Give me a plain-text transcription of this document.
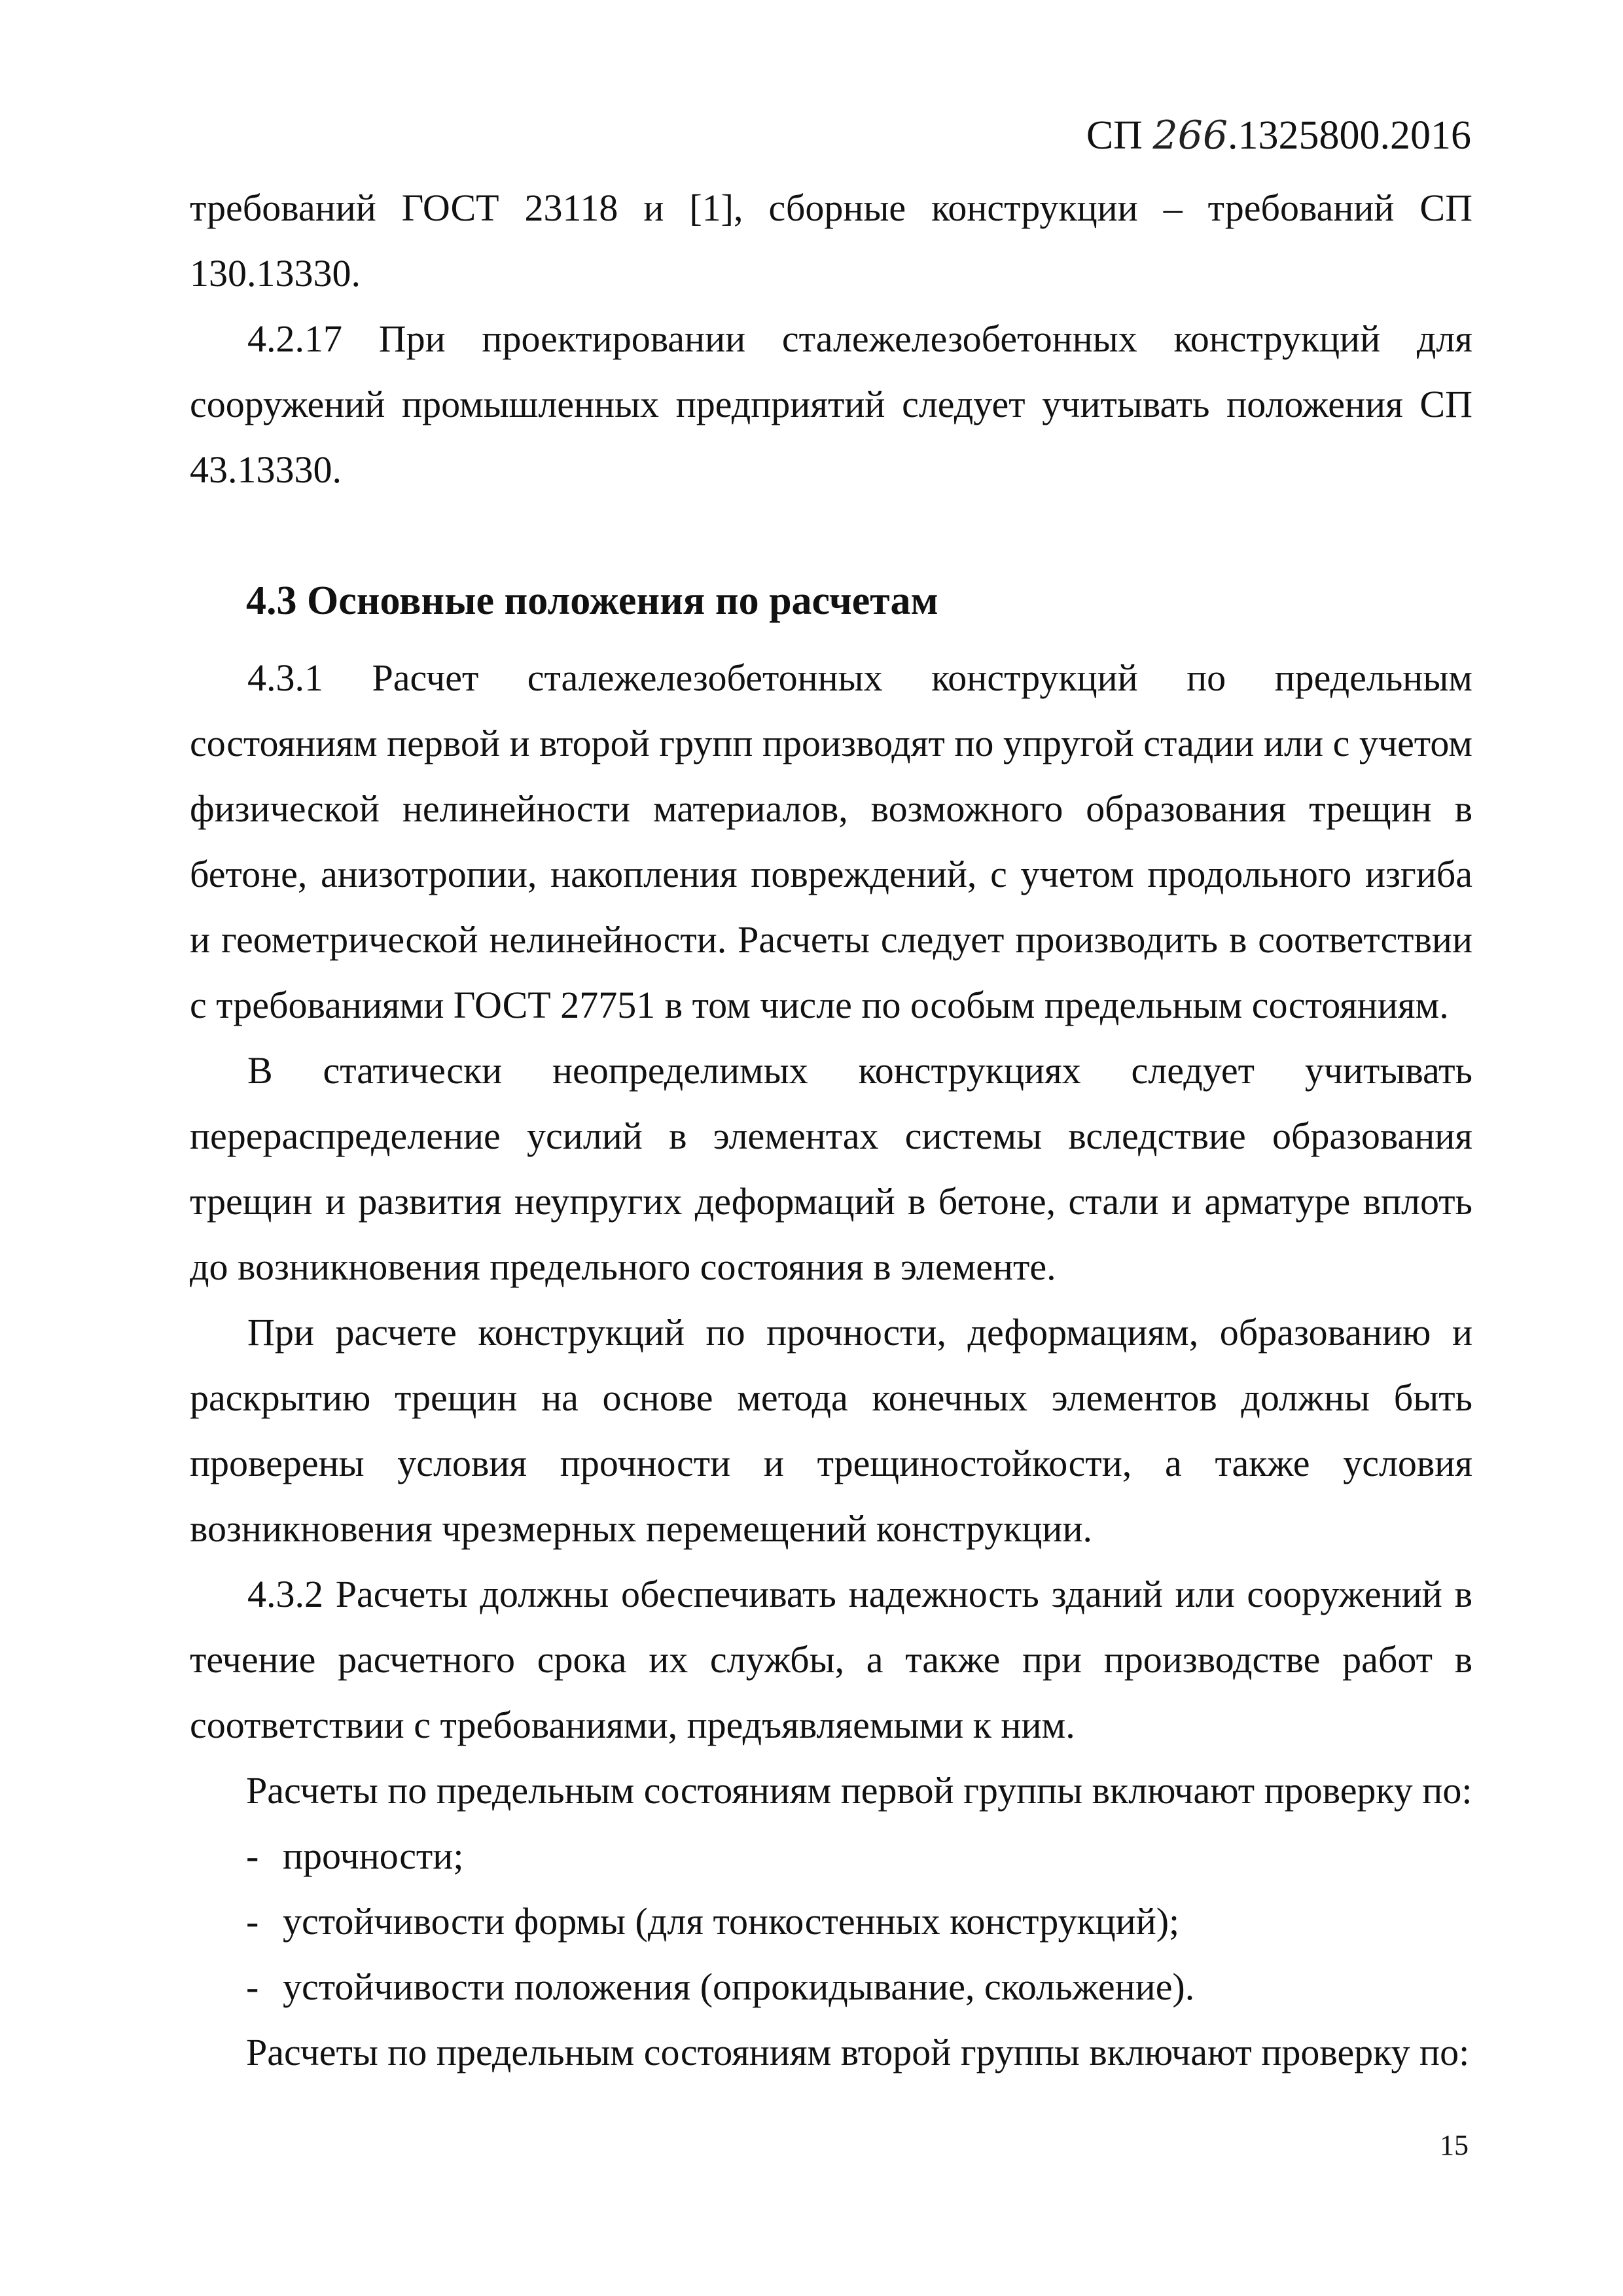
СП 266.1325800.2016

требований ГОСТ 23118 и [1], сборные конструкции – требований СП 130.13330.

4.2.17 При проектировании сталежелезобетонных конструкций для сооружений промышленных предприятий следует учитывать положения СП 43.13330.

4.3 Основные положения по расчетам

4.3.1 Расчет сталежелезобетонных конструкций по предельным состояниям первой и второй групп производят по упругой стадии или с учетом физической нелинейности материалов, возможного образования трещин в бетоне, анизотропии, накопления повреждений, с учетом продольного изгиба и геометрической нелинейности. Расчеты следует производить в соответствии с требованиями ГОСТ 27751 в том числе по особым предельным состояниям.

В статически неопределимых конструкциях следует учитывать перераспределение усилий в элементах системы вследствие образования трещин и развития неупругих деформаций в бетоне, стали и арматуре вплоть до возникновения предельного состояния в элементе.

При расчете конструкций по прочности, деформациям, образованию и раскрытию трещин на основе метода конечных элементов должны быть проверены условия прочности и трещиностойкости, а также условия возникновения чрезмерных перемещений конструкции.

4.3.2 Расчеты должны обеспечивать надежность зданий или сооружений в течение расчетного срока их службы, а также при производстве работ в соответствии с требованиями, предъявляемыми к ним.

Расчеты по предельным состояниям первой группы включают проверку по:

- прочности;

- устойчивости формы (для тонкостенных конструкций);

- устойчивости положения (опрокидывание, скольжение).

Расчеты по предельным состояниям второй группы включают проверку по:

15
